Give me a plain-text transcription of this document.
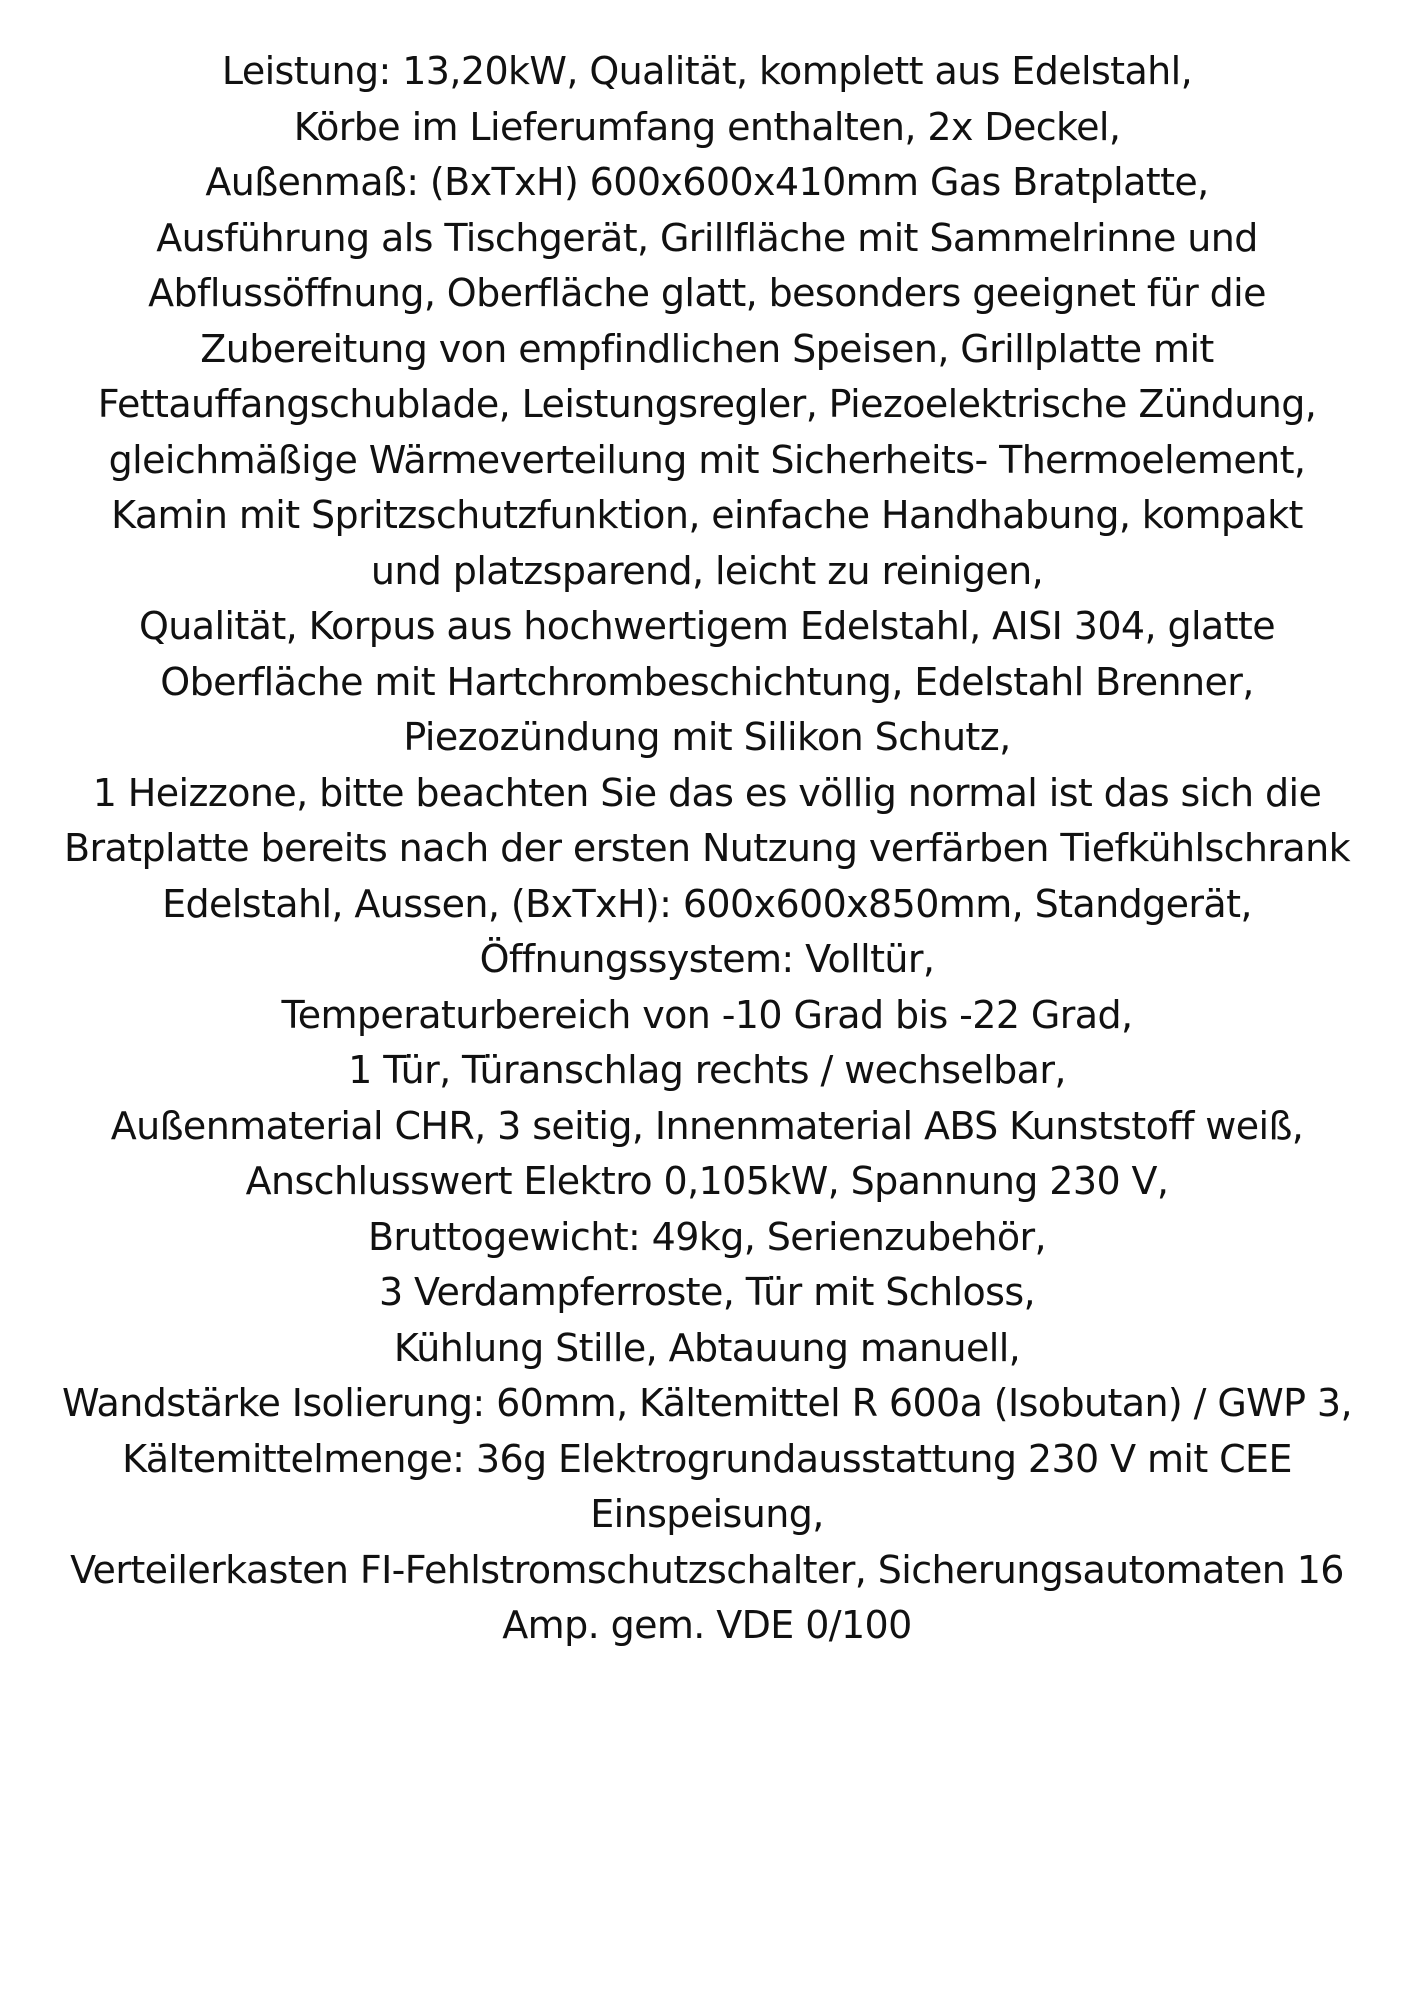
Leistung: 13,20kW, Qualität, komplett aus Edelstahl,
Körbe im Lieferumfang enthalten, 2x Deckel,
Außenmaß: (BxTxH) 600x600x410mm Gas Bratplatte,
Ausführung als Tischgerät, Grillfläche mit Sammelrinne und
Abflussöffnung, Oberfläche glatt, besonders geeignet für die
Zubereitung von empfindlichen Speisen, Grillplatte mit
Fettauffangschublade, Leistungsregler, Piezoelektrische Zündung,
gleichmäßige Wärmeverteilung mit Sicherheits- Thermoelement,
Kamin mit Spritzschutzfunktion, einfache Handhabung, kompakt
und platzsparend, leicht zu reinigen,
Qualität, Korpus aus hochwertigem Edelstahl, AISI 304, glatte
Oberfläche mit Hartchrombeschichtung, Edelstahl Brenner,
Piezozündung mit Silikon Schutz,
1 Heizzone, bitte beachten Sie das es völlig normal ist das sich die
Bratplatte bereits nach der ersten Nutzung verfärben Tiefkühlschrank
Edelstahl, Aussen, (BxTxH): 600x600x850mm, Standgerät,
Öffnungssystem: Volltür,
Temperaturbereich von -10 Grad bis -22 Grad,
1 Tür, Türanschlag rechts / wechselbar,
Außenmaterial CHR, 3 seitig, Innenmaterial ABS Kunststoff weiß,
Anschlusswert Elektro 0,105kW, Spannung 230 V,
Bruttogewicht: 49kg, Serienzubehör,
3 Verdampferroste, Tür mit Schloss,
Kühlung Stille, Abtauung manuell,
Wandstärke Isolierung: 60mm, Kältemittel R 600a (Isobutan) / GWP 3,
Kältemittelmenge: 36g Elektrogrundausstattung 230 V mit CEE
Einspeisung,
Verteilerkasten FI-Fehlstromschutzschalter, Sicherungsautomaten 16
Amp. gem. VDE 0/100
